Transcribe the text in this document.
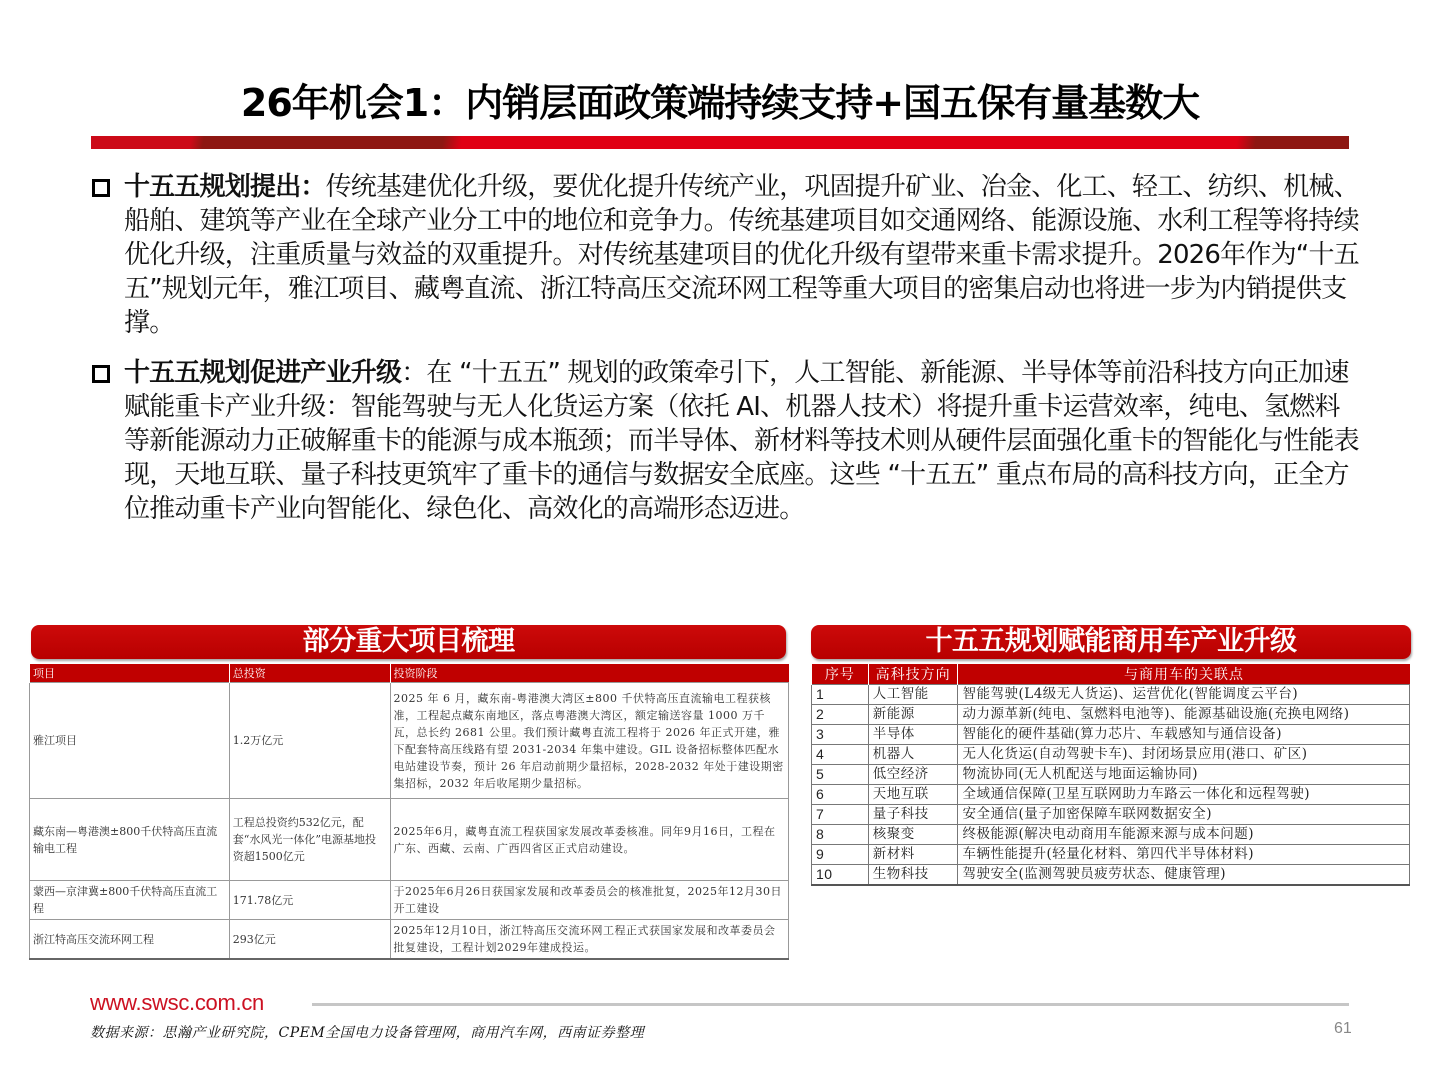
26年机会1：内销层面政策端持续支持+国五保有量基数大
十五五规划提出：传统基建优化升级，要优化提升传统产业，巩固提升矿业、冶金、化工、轻工、纺织、机械、船舶、建筑等产业在全球产业分工中的地位和竞争力。传统基建项目如交通网络、能源设施、水利工程等将持续优化升级，注重质量与效益的双重提升。对传统基建项目的优化升级有望带来重卡需求提升。2026年作为“十五五”规划元年，雅江项目、藏粤直流、浙江特高压交流环网工程等重大项目的密集启动也将进一步为内销提供支撑。
十五五规划促进产业升级：在 “十五五” 规划的政策牵引下，人工智能、新能源、半导体等前沿科技方向正加速赋能重卡产业升级：智能驾驶与无人化货运方案（依托 AI、机器人技术）将提升重卡运营效率，纯电、氢燃料等新能源动力正破解重卡的能源与成本瓶颈；而半导体、新材料等技术则从硬件层面强化重卡的智能化与性能表现，天地互联、量子科技更筑牢了重卡的通信与数据安全底座。这些 “十五五” 重点布局的高科技方向，正全方位推动重卡产业向智能化、绿色化、高效化的高端形态迈进。
部分重大项目梳理
项目	总投资	投资阶段
雅江项目	1.2万亿元	2025 年 6 月，藏东南-粤港澳大湾区±800 千伏特高压直流输电工程获核准，工程起点藏东南地区，落点粤港澳大湾区，额定输送容量 1000 万千瓦，总长约 2681 公里。我们预计藏粤直流工程将于 2026 年正式开建，雅下配套特高压线路有望 2031-2034 年集中建设。GIL 设备招标整体匹配水电站建设节奏，预计 26 年启动前期少量招标，2028-2032 年处于建设期密集招标，2032 年后收尾期少量招标。
藏东南—粤港澳±800千伏特高压直流输电工程	工程总投资约532亿元，配套“水风光一体化”电源基地投资超1500亿元	2025年6月，藏粤直流工程获国家发展改革委核准。同年9月16日，工程在广东、西藏、云南、广西四省区正式启动建设。
蒙西—京津冀±800千伏特高压直流工程	171.78亿元	于2025年6月26日获国家发展和改革委员会的核准批复，2025年12月30日开工建设
浙江特高压交流环网工程	293亿元	2025年12月10日，浙江特高压交流环网工程正式获国家发展和改革委员会批复建设，工程计划2029年建成投运。
十五五规划赋能商用车产业升级
序号	高科技方向	与商用车的关联点
1	人工智能	智能驾驶(L4级无人货运)、运营优化(智能调度云平台)
2	新能源	动力源革新(纯电、氢燃料电池等)、能源基础设施(充换电网络)
3	半导体	智能化的硬件基础(算力芯片、车载感知与通信设备)
4	机器人	无人化货运(自动驾驶卡车)、封闭场景应用(港口、矿区)
5	低空经济	物流协同(无人机配送与地面运输协同)
6	天地互联	全域通信保障(卫星互联网助力车路云一体化和远程驾驶)
7	量子科技	安全通信(量子加密保障车联网数据安全)
8	核聚变	终极能源(解决电动商用车能源来源与成本问题)
9	新材料	车辆性能提升(轻量化材料、第四代半导体材料)
10	生物科技	驾驶安全(监测驾驶员疲劳状态、健康管理)
www.swsc.com.cn
数据来源：思瀚产业研究院，CPEM全国电力设备管理网，商用汽车网，西南证券整理	61
